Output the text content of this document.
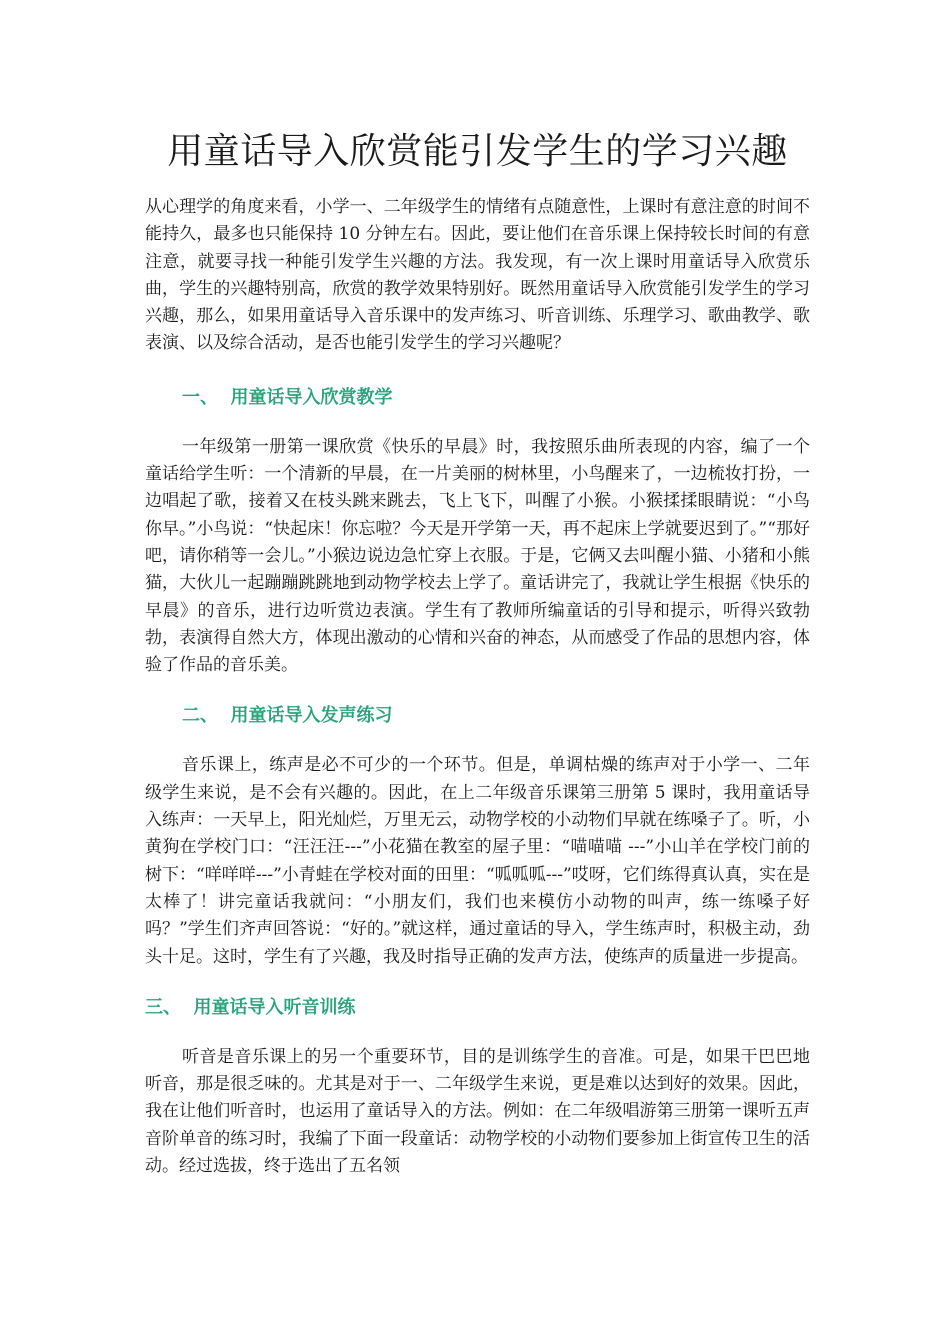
用童话导入欣赏能引发学生的学习兴趣

从心理学的角度来看，小学一、二年级学生的情绪有点随意性，上课时有意注意的时间不能持久，最多也只能保持 10 分钟左右。因此，要让他们在音乐课上保持较长时间的有意注意，就要寻找一种能引发学生兴趣的方法。我发现，有一次上课时用童话导入欣赏乐曲，学生的兴趣特别高，欣赏的教学效果特别好。既然用童话导入欣赏能引发学生的学习兴趣，那么，如果用童话导入音乐课中的发声练习、听音训练、乐理学习、歌曲教学、歌表演、以及综合活动，是否也能引发学生的学习兴趣呢？

一、 用童话导入欣赏教学

一年级第一册第一课欣赏《快乐的早晨》时，我按照乐曲所表现的内容，编了一个童话给学生听：一个清新的早晨，在一片美丽的树林里，小鸟醒来了，一边梳妆打扮，一边唱起了歌，接着又在枝头跳来跳去，飞上飞下，叫醒了小猴。小猴揉揉眼睛说：“小鸟你早。”小鸟说：“快起床！你忘啦？今天是开学第一天，再不起床上学就要迟到了。”“那好吧，请你稍等一会儿。”小猴边说边急忙穿上衣服。于是，它俩又去叫醒小猫、小猪和小熊猫，大伙儿一起蹦蹦跳跳地到动物学校去上学了。童话讲完了，我就让学生根据《快乐的早晨》的音乐，进行边听赏边表演。学生有了教师所编童话的引导和提示，听得兴致勃勃，表演得自然大方，体现出激动的心情和兴奋的神态，从而感受了作品的思想内容，体验了作品的音乐美。

二、 用童话导入发声练习

音乐课上，练声是必不可少的一个环节。但是，单调枯燥的练声对于小学一、二年级学生来说，是不会有兴趣的。因此，在上二年级音乐课第三册第 5 课时，我用童话导入练声：一天早上，阳光灿烂，万里无云，动物学校的小动物们早就在练嗓子了。听，小黄狗在学校门口：“汪汪汪---”小花猫在教室的屋子里：“喵喵喵 ---”小山羊在学校门前的树下：“咩咩咩---”小青蛙在学校对面的田里：“呱呱呱---”哎呀，它们练得真认真，实在是太棒了！讲完童话我就问：“小朋友们，我们也来模仿小动物的叫声，练一练嗓子好吗？”学生们齐声回答说：“好的。”就这样，通过童话的导入，学生练声时，积极主动，劲头十足。这时，学生有了兴趣，我及时指导正确的发声方法，使练声的质量进一步提高。

三、 用童话导入听音训练

听音是音乐课上的另一个重要环节，目的是训练学生的音准。可是，如果干巴巴地听音，那是很乏味的。尤其是对于一、二年级学生来说，更是难以达到好的效果。因此，我在让他们听音时，也运用了童话导入的方法。例如：在二年级唱游第三册第一课听五声音阶单音的练习时，我编了下面一段童话：动物学校的小动物们要参加上街宣传卫生的活动。经过选拔，终于选出了五名领
